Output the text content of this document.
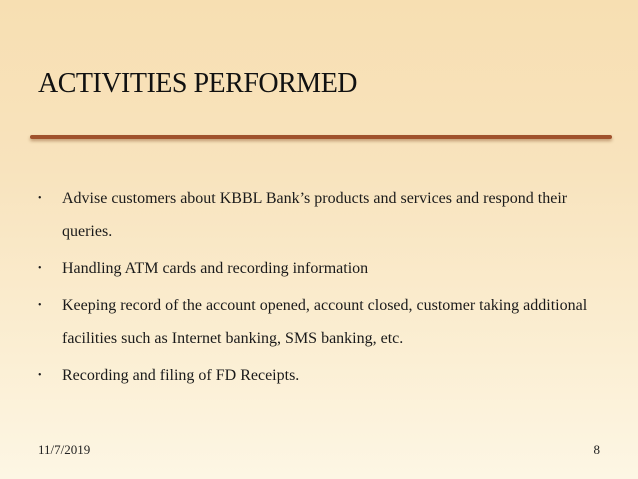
ACTIVITIES PERFORMED
• Advise customers about KBBL Bank’s products and services and respond their queries.
• Handling ATM cards and recording information
• Keeping record of the account opened, account closed, customer taking additional facilities such as Internet banking, SMS banking, etc.
• Recording and filing of FD Receipts.
11/7/2019	8
